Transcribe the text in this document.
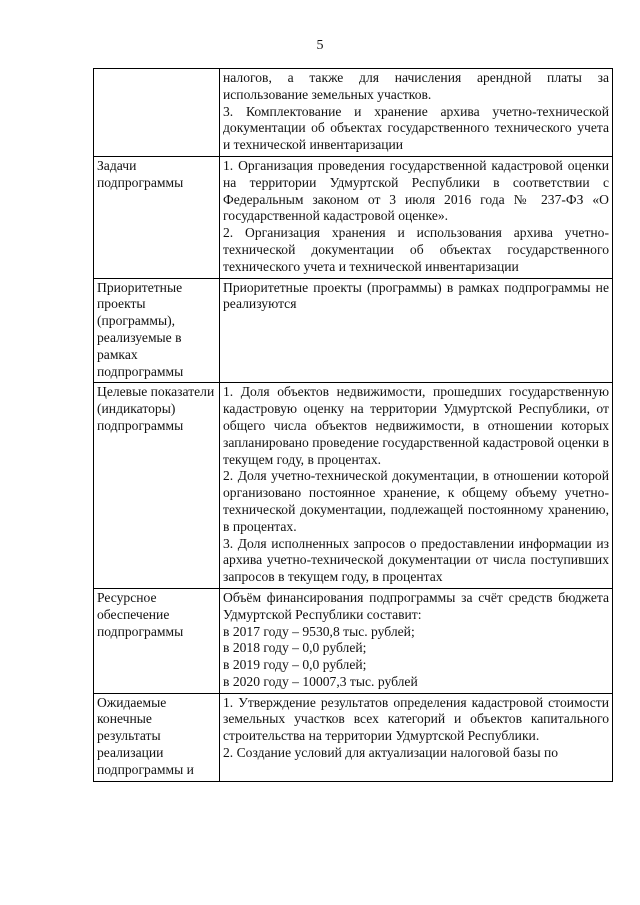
5

	налогов, а также для начисления арендной платы за использование земельных участков.
3. Комплектование и хранение архива учетно-технической документации об объектах государственного технического учета и технической инвентаризации

Задачи подпрограммы	1. Организация проведения государственной кадастровой оценки на территории Удмуртской Республики в соответствии с Федеральным законом от 3 июля 2016 года № 237-ФЗ «О государственной кадастровой оценке».
2. Организация хранения и использования архива учетно-технической документации об объектах государственного технического учета и технической инвентаризации

Приоритетные проекты (программы), реализуемые в рамках подпрограммы	Приоритетные проекты (программы) в рамках подпрограммы не реализуются

Целевые показатели (индикаторы) подпрограммы	1. Доля объектов недвижимости, прошедших государственную кадастровую оценку на территории Удмуртской Республики, от общего числа объектов недвижимости, в отношении которых запланировано проведение государственной кадастровой оценки в текущем году, в процентах.
2. Доля учетно-технической документации, в отношении которой организовано постоянное хранение, к общему объему учетно-технической документации, подлежащей постоянному хранению, в процентах.
3. Доля исполненных запросов о предоставлении информации из архива учетно-технической документации от числа поступивших запросов в текущем году, в процентах

Ресурсное обеспечение подпрограммы	Объём финансирования подпрограммы за счёт средств бюджета Удмуртской Республики составит:
в 2017 году – 9530,8 тыс. рублей;
в 2018 году – 0,0 рублей;
в 2019 году – 0,0 рублей;
в 2020 году – 10007,3 тыс. рублей

Ожидаемые конечные результаты реализации подпрограммы и	1. Утверждение результатов определения кадастровой стоимости земельных участков всех категорий и объектов капитального строительства на территории Удмуртской Республики.
2. Создание условий для актуализации налоговой базы по
